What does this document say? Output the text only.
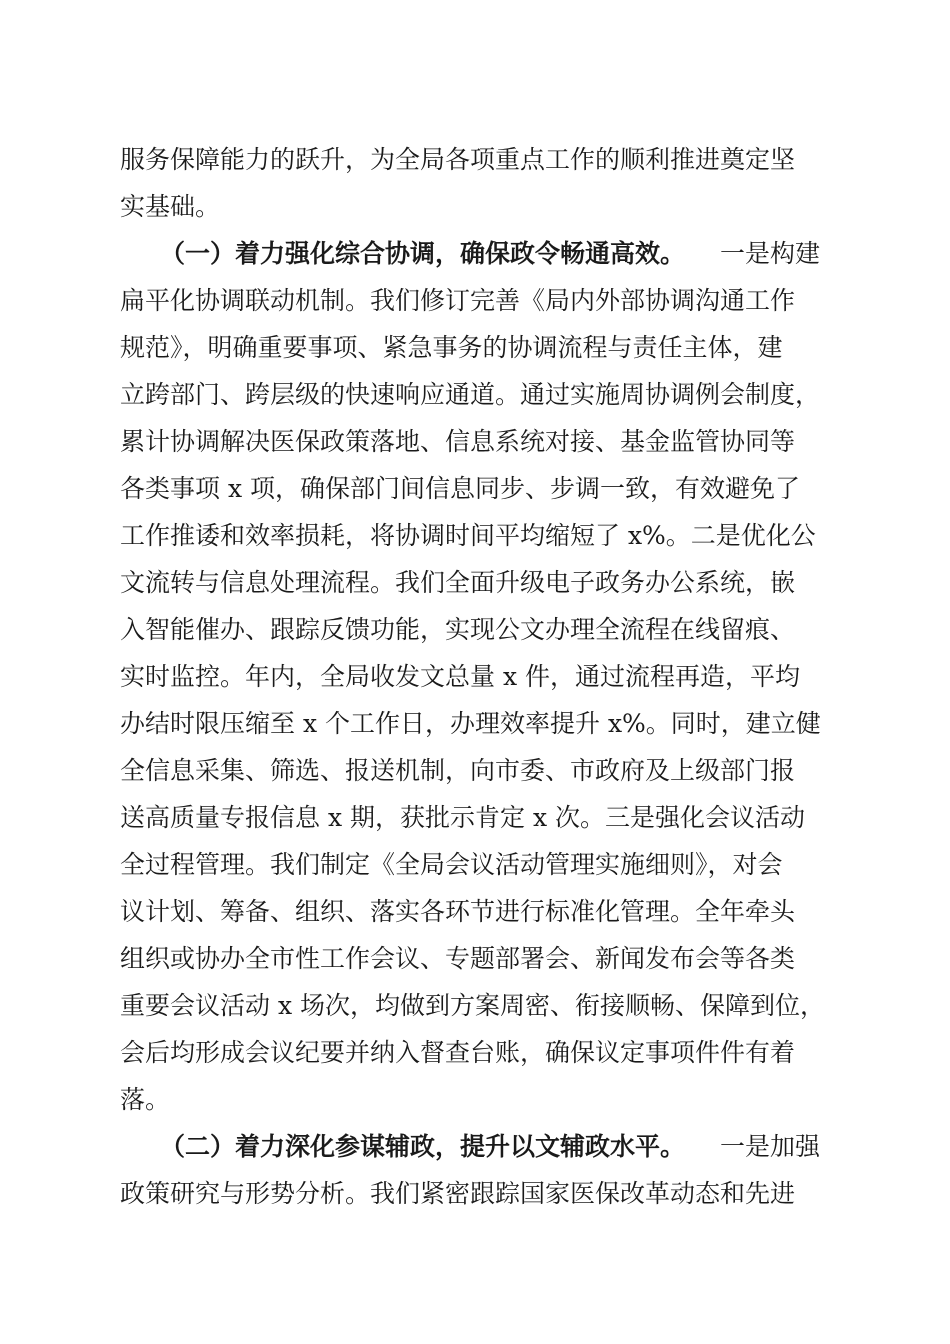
服务保障能力的跃升，为全局各项重点工作的顺利推进奠定坚
实基础。
（一）着力强化综合协调，确保政令畅通高效。 一是构建
扁平化协调联动机制。我们修订完善《局内外部协调沟通工作
规范》，明确重要事项、紧急事务的协调流程与责任主体，建
立跨部门、跨层级的快速响应通道。通过实施周协调例会制度，
累计协调解决医保政策落地、信息系统对接、基金监管协同等
各类事项 x 项，确保部门间信息同步、步调一致，有效避免了
工作推诿和效率损耗，将协调时间平均缩短了 x%。二是优化公
文流转与信息处理流程。我们全面升级电子政务办公系统，嵌
入智能催办、跟踪反馈功能，实现公文办理全流程在线留痕、
实时监控。年内，全局收发文总量 x 件，通过流程再造，平均
办结时限压缩至 x 个工作日，办理效率提升 x%。同时，建立健
全信息采集、筛选、报送机制，向市委、市政府及上级部门报
送高质量专报信息 x 期，获批示肯定 x 次。三是强化会议活动
全过程管理。我们制定《全局会议活动管理实施细则》，对会
议计划、筹备、组织、落实各环节进行标准化管理。全年牵头
组织或协办全市性工作会议、专题部署会、新闻发布会等各类
重要会议活动 x 场次，均做到方案周密、衔接顺畅、保障到位，
会后均形成会议纪要并纳入督查台账，确保议定事项件件有着
落。
（二）着力深化参谋辅政，提升以文辅政水平。 一是加强
政策研究与形势分析。我们紧密跟踪国家医保改革动态和先进
